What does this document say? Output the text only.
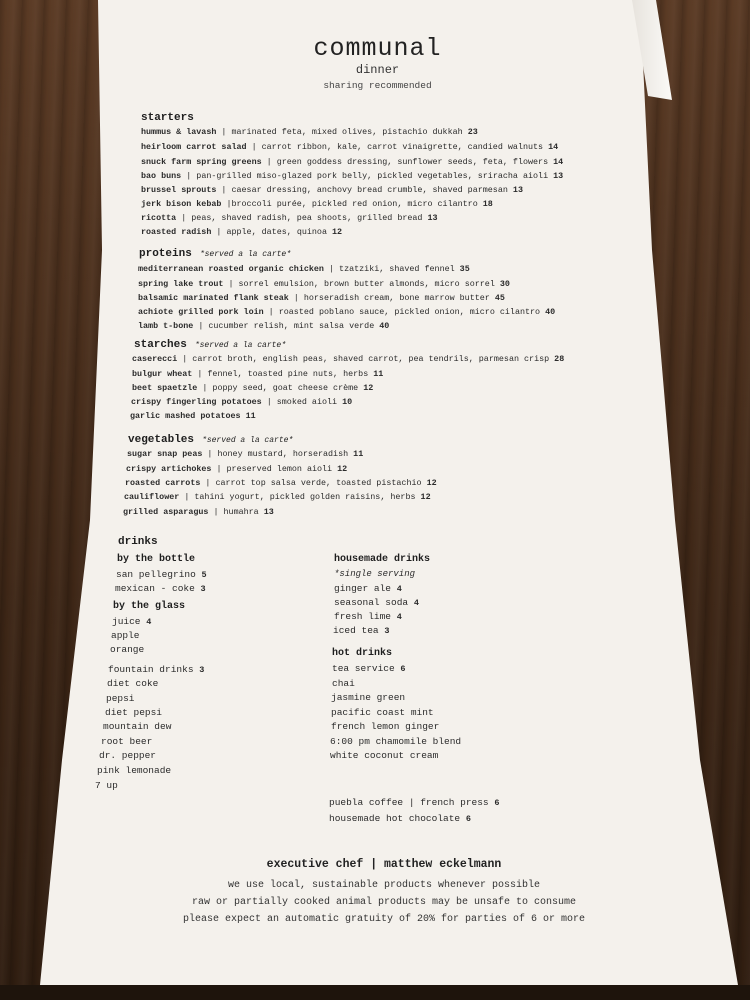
communal
dinner
sharing recommended
starters
hummus & lavash | marinated feta, mixed olives, pistachio dukkah 23
heirloom carrot salad | carrot ribbon, kale, carrot vinaigrette, candied walnuts 14
snuck farm spring greens | green goddess dressing, sunflower seeds, feta, flowers 14
bao buns | pan-grilled miso-glazed pork belly, pickled vegetables, sriracha aioli 13
brussel sprouts | caesar dressing, anchovy bread crumble, shaved parmesan 13
jerk bison kebab |broccoli purée, pickled red onion, micro cilantro 18
ricotta | peas, shaved radish, pea shoots, grilled bread 13
roasted radish | apple, dates, quinoa 12
proteins *served a la carte*
mediterranean roasted organic chicken | tzatziki, shaved fennel 35
spring lake trout | sorrel emulsion, brown butter almonds, micro sorrel 30
balsamic marinated flank steak | horseradish cream, bone marrow butter 45
achiote grilled pork loin | roasted poblano sauce, pickled onion, micro cilantro 40
lamb t-bone | cucumber relish, mint salsa verde 40
starches *served a la carte*
caserecci | carrot broth, english peas, shaved carrot, pea tendrils, parmesan crisp 28
bulgur wheat | fennel, toasted pine nuts, herbs 11
beet spaetzle | poppy seed, goat cheese crème 12
crispy fingerling potatoes | smoked aioli 10
garlic mashed potatoes 11
vegetables *served a la carte*
sugar snap peas | honey mustard, horseradish 11
crispy artichokes | preserved lemon aioli 12
roasted carrots | carrot top salsa verde, toasted pistachio 12
cauliflower | tahini yogurt, pickled golden raisins, herbs 12
grilled asparagus | humahra 13
drinks
by the bottle
san pellegrino 5
mexican - coke 3
by the glass
juice 4
apple
orange
fountain drinks 3
diet coke
pepsi
diet pepsi
mountain dew
root beer
dr. pepper
pink lemonade
7 up
housemade drinks
*single serving
ginger ale 4
seasonal soda 4
fresh lime 4
iced tea 3
hot drinks
tea service 6
chai
jasmine green
pacific coast mint
french lemon ginger
6:00 pm chamomile blend
white coconut cream
puebla coffee | french press 6
housemade hot chocolate 6
executive chef | matthew eckelmann
we use local, sustainable products whenever possible
raw or partially cooked animal products may be unsafe to consume
please expect an automatic gratuity of 20% for parties of 6 or more
